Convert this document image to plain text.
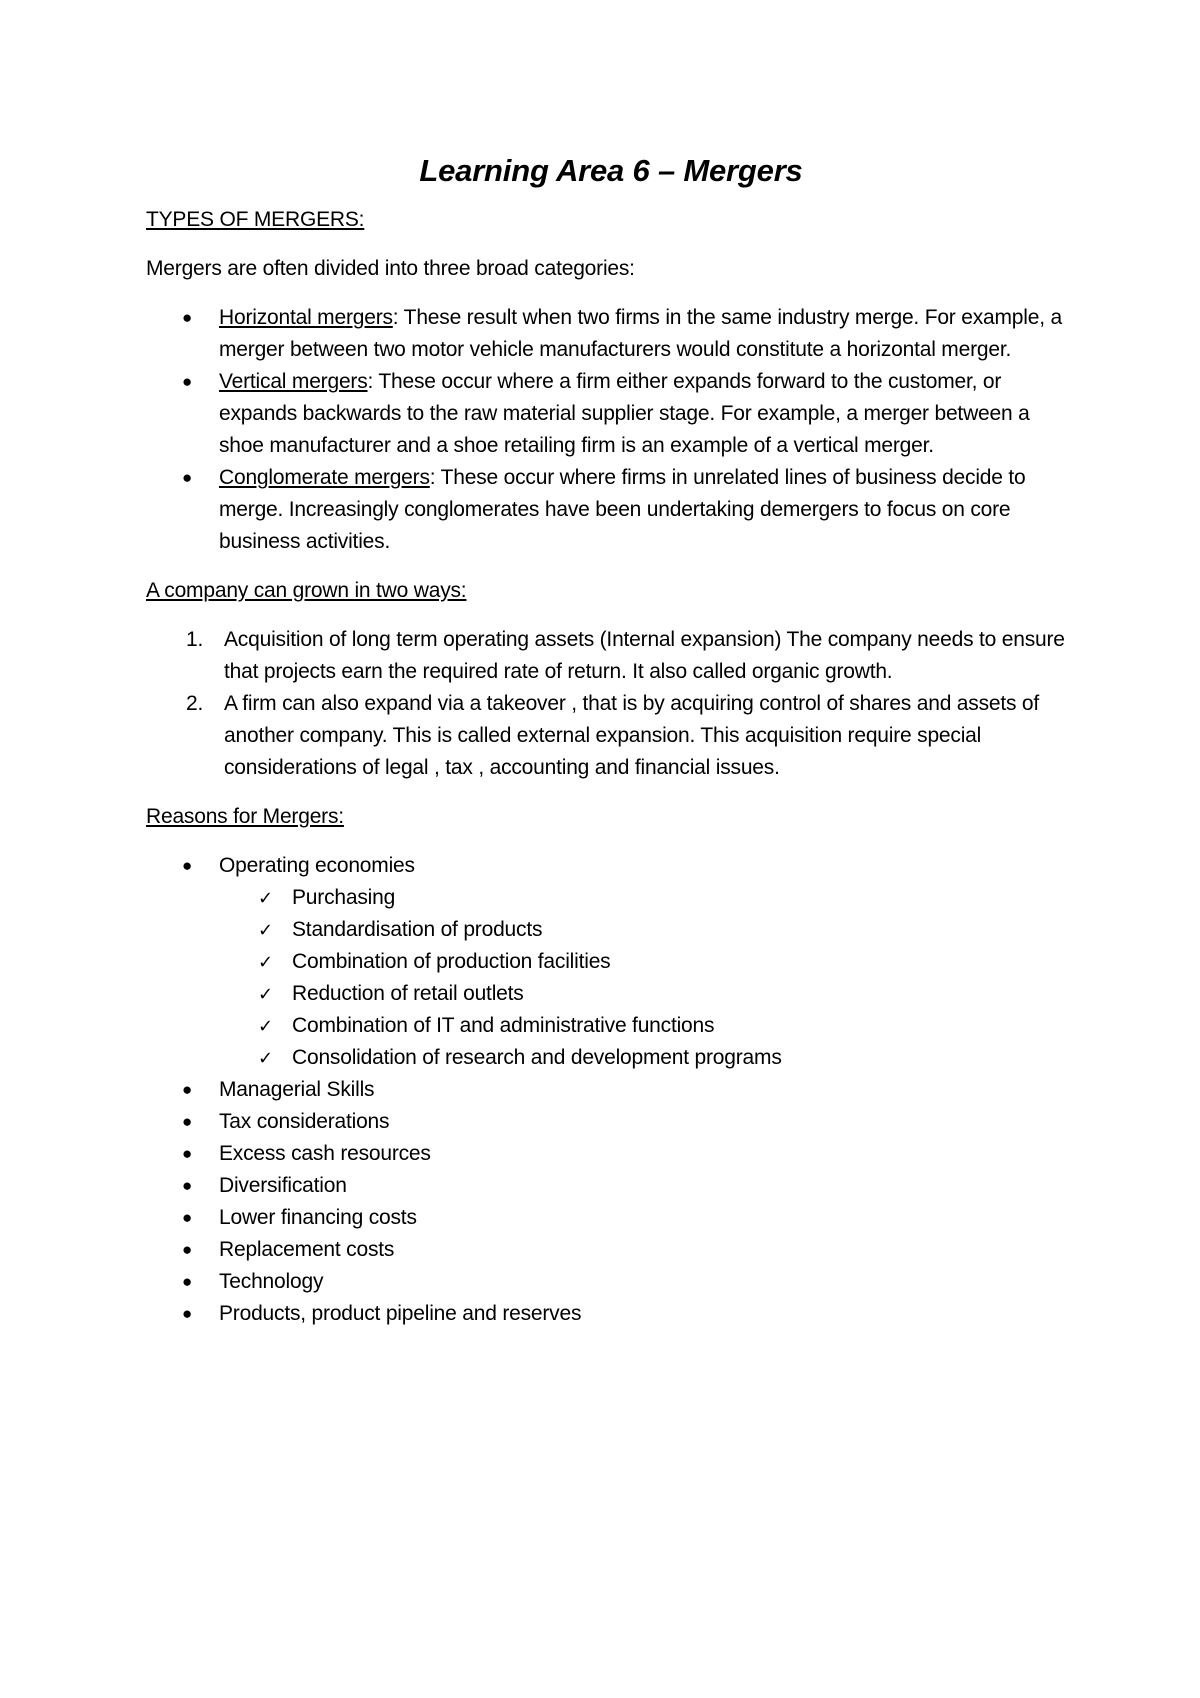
Learning Area 6 – Mergers

TYPES OF MERGERS:

Mergers are often divided into three broad categories:

●	Horizontal mergers: These result when two firms in the same industry merge. For example, a merger between two motor vehicle manufacturers would constitute a horizontal merger.
●	Vertical mergers: These occur where a firm either expands forward to the customer, or expands backwards to the raw material supplier stage. For example, a merger between a shoe manufacturer and a shoe retailing firm is an example of a vertical merger.
●	Conglomerate mergers: These occur where firms in unrelated lines of business decide to merge. Increasingly conglomerates have been undertaking demergers to focus on core business activities.

A company can grown in two ways:

1. Acquisition of long term operating assets (Internal expansion) The company needs to ensure that projects earn the required rate of return. It also called organic growth.
2. A firm can also expand via a takeover , that is by acquiring control of shares and assets of another company. This is called external expansion. This acquisition require special considerations of legal , tax , accounting and financial issues.

Reasons for Mergers:

●	Operating economies
✓ Purchasing
✓ Standardisation of products
✓ Combination of production facilities
✓ Reduction of retail outlets
✓ Combination of IT and administrative functions
✓ Consolidation of research and development programs
●	Managerial Skills
●	Tax considerations
●	Excess cash resources
●	Diversification
●	Lower financing costs
●	Replacement costs
●	Technology
●	Products, product pipeline and reserves
